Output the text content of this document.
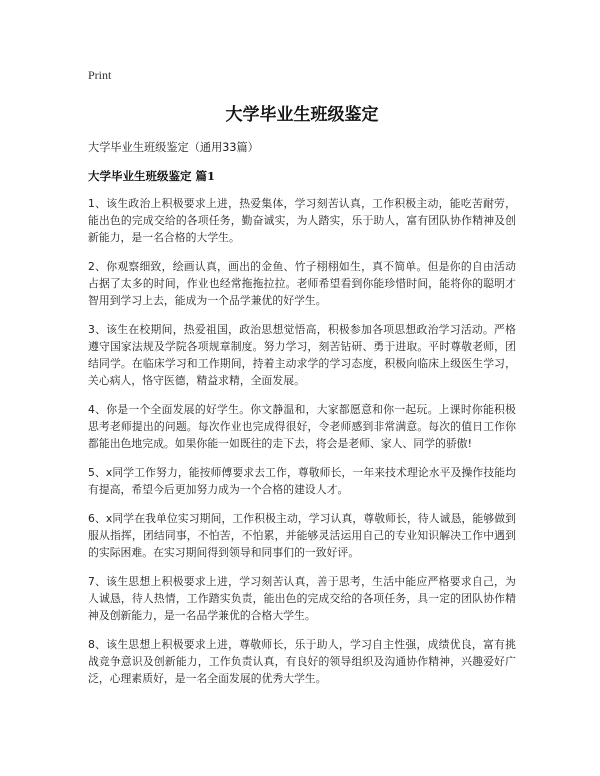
Print
大学毕业生班级鉴定
大学毕业生班级鉴定（通用33篇）
大学毕业生班级鉴定 篇1

1、该生政治上积极要求上进，热爱集体，学习刻苦认真，工作积极主动，能吃苦耐劳，能出色的完成交给的各项任务，勤奋诚实，为人踏实，乐于助人，富有团队协作精神及创新能力，是一名合格的大学生。

2、你观察细致，绘画认真，画出的金鱼、竹子栩栩如生，真不简单。但是你的自由活动占据了太多的时间，作业也经常拖拖拉拉。老师希望看到你能珍惜时间，能将你的聪明才智用到学习上去，能成为一个品学兼优的好学生。

3、该生在校期间，热爱祖国，政治思想觉悟高，积极参加各项思想政治学习活动。严格遵守国家法规及学院各项规章制度。努力学习，刻苦钻研、勇于进取。平时尊敬老师，团结同学。在临床学习和工作期间，持着主动求学的学习态度，积极向临床上级医生学习，关心病人，恪守医德，精益求精，全面发展。

4、你是一个全面发展的好学生。你文静温和，大家都愿意和你一起玩。上课时你能积极思考老师提出的问题。每次作业也完成得很好，令老师感到非常满意。每次的值日工作你都能出色地完成。如果你能一如既往的走下去，将会是老师、家人、同学的骄傲!

5、x同学工作努力，能按师傅要求去工作，尊敬师长，一年来技术理论水平及操作技能均有提高，希望今后更加努力成为一个合格的建设人才。

6、x同学在我单位实习期间，工作积极主动，学习认真，尊敬师长，待人诚恳，能够做到服从指挥，团结同事，不怕苦，不怕累，并能够灵活运用自己的专业知识解决工作中遇到的实际困难。在实习期间得到领导和同事们的一致好评。

7、该生思想上积极要求上进，学习刻苦认真，善于思考，生活中能应严格要求自己，为人诚恳，待人热情，工作踏实负责，能出色的完成交给的各项任务，具一定的团队协作精神及创新能力，是一名品学兼优的合格大学生。

8、该生思想上积极要求上进，尊敬师长，乐于助人，学习自主性强，成绩优良，富有挑战竞争意识及创新能力，工作负责认真，有良好的领导组织及沟通协作精神，兴趣爱好广泛，心理素质好，是一名全面发展的优秀大学生。
